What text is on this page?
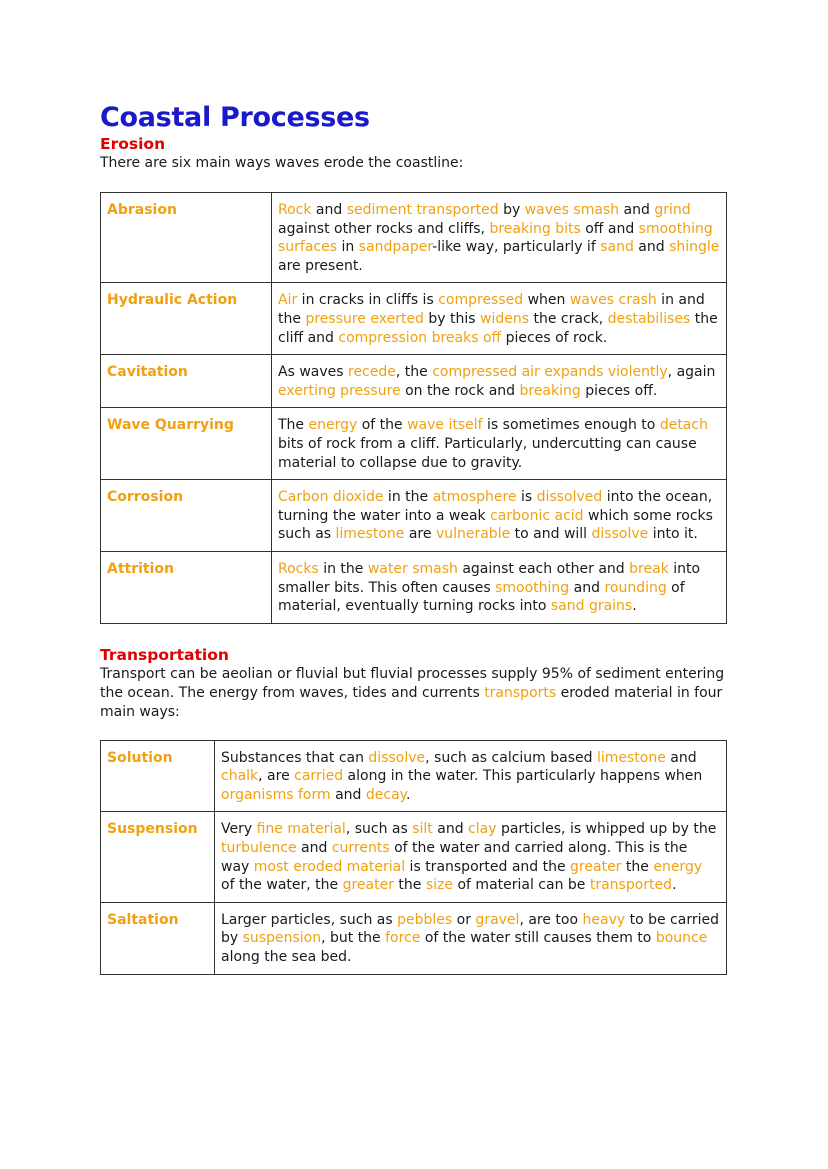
Coastal Processes
Erosion

There are six main ways waves erode the coastline:

Abrasion	Rock and sediment transported by waves smash and grind against other rocks and cliffs, breaking bits off and smoothing surfaces in sandpaper-like way, particularly if sand and shingle are present.
Hydraulic Action	Air in cracks in cliffs is compressed when waves crash in and the pressure exerted by this widens the crack, destabilises the cliff and compression breaks off pieces of rock.
Cavitation	As waves recede, the compressed air expands violently, again exerting pressure on the rock and breaking pieces off.
Wave Quarrying	The energy of the wave itself is sometimes enough to detach bits of rock from a cliff. Particularly, undercutting can cause material to collapse due to gravity.
Corrosion	Carbon dioxide in the atmosphere is dissolved into the ocean, turning the water into a weak carbonic acid which some rocks such as limestone are vulnerable to and will dissolve into it.
Attrition	Rocks in the water smash against each other and break into smaller bits. This often causes smoothing and rounding of material, eventually turning rocks into sand grains.
Transportation

Transport can be aeolian or fluvial but fluvial processes supply 95% of sediment entering the ocean. The energy from waves, tides and currents transports eroded material in four main ways:

Solution	Substances that can dissolve, such as calcium based limestone and chalk, are carried along in the water. This particularly happens when organisms form and decay.
Suspension	Very fine material, such as silt and clay particles, is whipped up by the turbulence and currents of the water and carried along. This is the way most eroded material is transported and the greater the energy of the water, the greater the size of material can be transported.
Saltation	Larger particles, such as pebbles or gravel, are too heavy to be carried by suspension, but the force of the water still causes them to bounce along the sea bed.
